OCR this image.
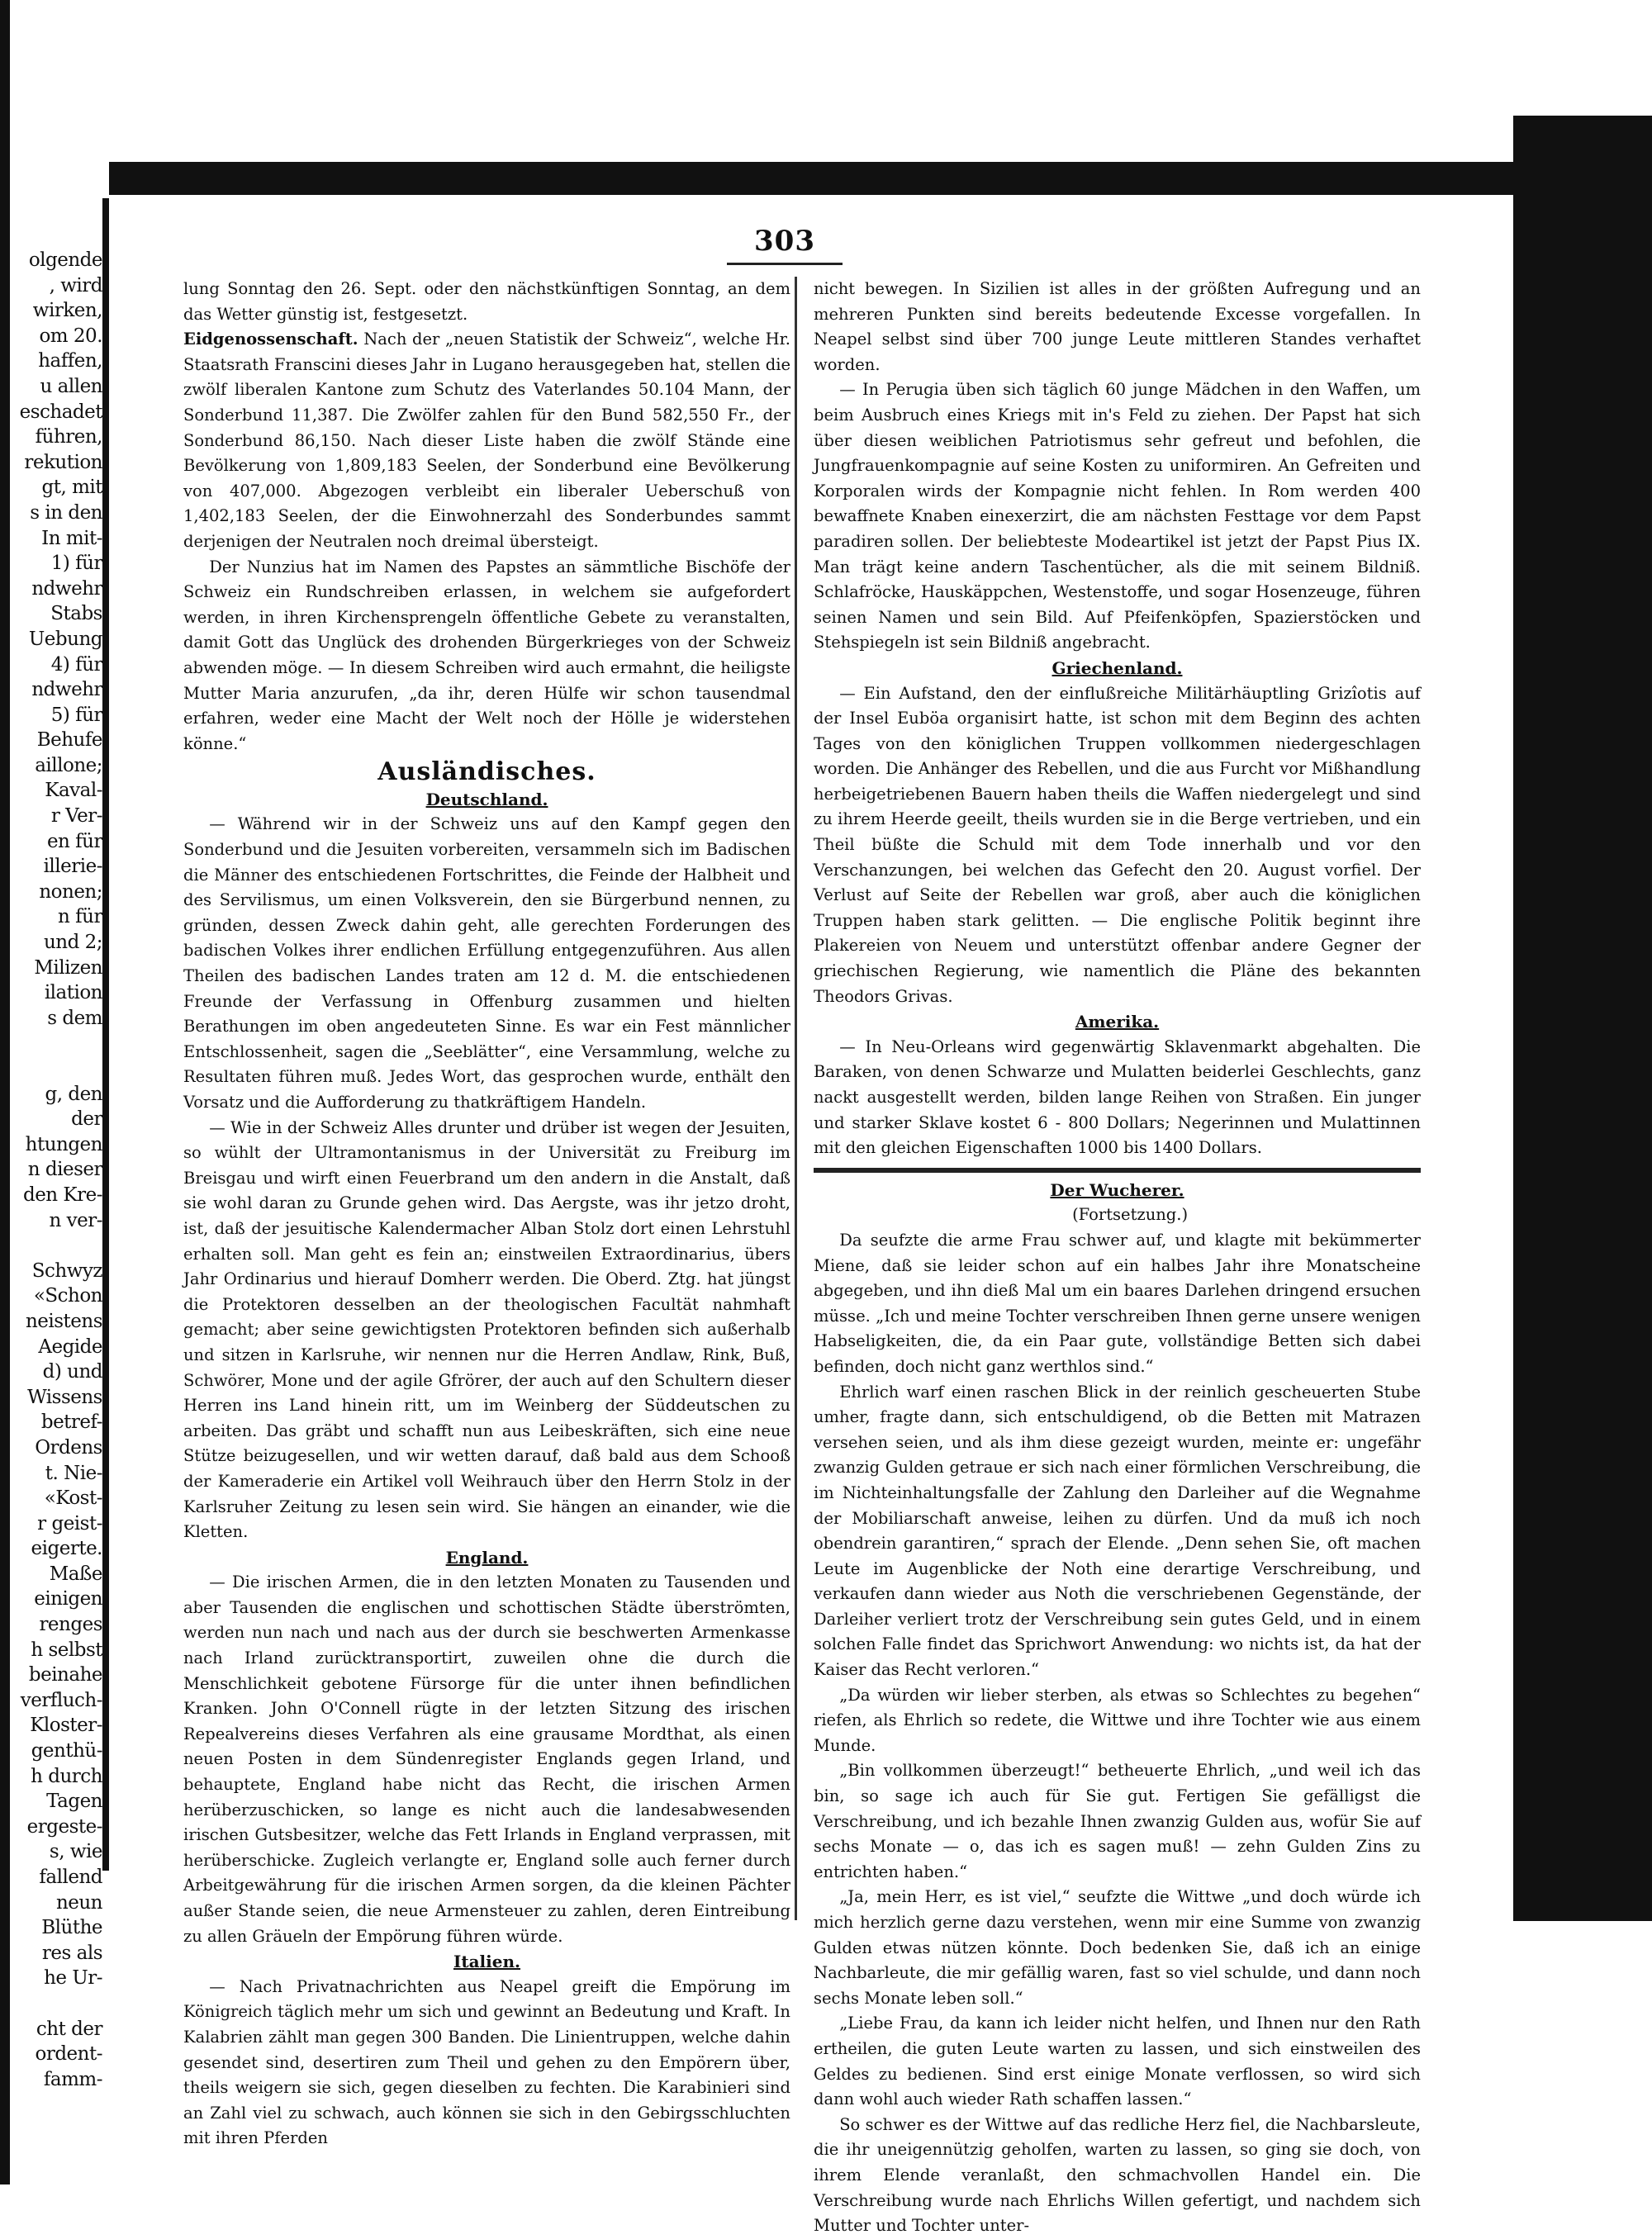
olgende
, wird
wirken,
om 20.
haffen,
u allen
eschadet
führen,
rekution
gt, mit
s in den
In mit-
1) für
ndwehr
Stabs
Uebung
4) für
ndwehr
5) für
Behufe
aillone;
Kaval-
r Ver-
en für
illerie-
nonen;
n für
und 2;
Milizen
ilation
s dem

g, den
der
htungen
n dieser
den Kre-
n ver-

Schwyz
«Schon
neistens
Aegide
d) und
Wissens
betref-
Ordens
t. Nie-
«Kost-
r geist-
eigerte.
Maße
einigen
renges
h selbst
beinahe
verfluch-
Kloster-
genthü-
h durch
Tagen
ergeste-
s, wie
fallend
neun
Blüthe
res als
he Ur-

cht der
ordent-
famm-
303

lung Sonntag den 26. Sept. oder den nächstkünftigen Sonntag, an dem das Wetter günstig ist, festgesetzt.

Eidgenossenschaft. Nach der „neuen Statistik der Schweiz“, welche Hr. Staatsrath Franscini dieses Jahr in Lugano herausgegeben hat, stellen die zwölf liberalen Kantone zum Schutz des Vaterlandes 50.104 Mann, der Sonderbund 11,387. Die Zwölfer zahlen für den Bund 582,550 Fr., der Sonderbund 86,150. Nach dieser Liste haben die zwölf Stände eine Bevölkerung von 1,809,183 Seelen, der Sonderbund eine Bevölkerung von 407,000. Abgezogen verbleibt ein liberaler Ueberschuß von 1,402,183 Seelen, der die Einwohnerzahl des Sonderbundes sammt derjenigen der Neutralen noch dreimal übersteigt.

Der Nunzius hat im Namen des Papstes an sämmtliche Bischöfe der Schweiz ein Rundschreiben erlassen, in welchem sie aufgefordert werden, in ihren Kirchensprengeln öffentliche Gebete zu veranstalten, damit Gott das Unglück des drohenden Bürgerkrieges von der Schweiz abwenden möge. — In diesem Schreiben wird auch ermahnt, die heiligste Mutter Maria anzurufen, „da ihr, deren Hülfe wir schon tausendmal erfahren, weder eine Macht der Welt noch der Hölle je widerstehen könne.“

Ausländisches.
Deutschland.

— Während wir in der Schweiz uns auf den Kampf gegen den Sonderbund und die Jesuiten vorbereiten, versammeln sich im Badischen die Männer des entschiedenen Fortschrittes, die Feinde der Halbheit und des Servilismus, um einen Volksverein, den sie Bürgerbund nennen, zu gründen, dessen Zweck dahin geht, alle gerechten Forderungen des badischen Volkes ihrer endlichen Erfüllung entgegenzuführen. Aus allen Theilen des badischen Landes traten am 12 d. M. die entschiedenen Freunde der Verfassung in Offenburg zusammen und hielten Berathungen im oben angedeuteten Sinne. Es war ein Fest männlicher Entschlossenheit, sagen die „Seeblätter“, eine Versammlung, welche zu Resultaten führen muß. Jedes Wort, das gesprochen wurde, enthält den Vorsatz und die Aufforderung zu thatkräftigem Handeln.

— Wie in der Schweiz Alles drunter und drüber ist wegen der Jesuiten, so wühlt der Ultramontanismus in der Universität zu Freiburg im Breisgau und wirft einen Feuerbrand um den andern in die Anstalt, daß sie wohl daran zu Grunde gehen wird. Das Aergste, was ihr jetzo droht, ist, daß der jesuitische Kalendermacher Alban Stolz dort einen Lehrstuhl erhalten soll. Man geht es fein an; einstweilen Extraordinarius, übers Jahr Ordinarius und hierauf Domherr werden. Die Oberd. Ztg. hat jüngst die Protektoren desselben an der theologischen Facultät nahmhaft gemacht; aber seine gewichtigsten Protektoren befinden sich außerhalb und sitzen in Karlsruhe, wir nennen nur die Herren Andlaw, Rink, Buß, Schwörer, Mone und der agile Gfrörer, der auch auf den Schultern dieser Herren ins Land hinein ritt, um im Weinberg der Süddeutschen zu arbeiten. Das gräbt und schafft nun aus Leibeskräften, sich eine neue Stütze beizugesellen, und wir wetten darauf, daß bald aus dem Schooß der Kameraderie ein Artikel voll Weihrauch über den Herrn Stolz in der Karlsruher Zeitung zu lesen sein wird. Sie hängen an einander, wie die Kletten.

England.

— Die irischen Armen, die in den letzten Monaten zu Tausenden und aber Tausenden die englischen und schottischen Städte überströmten, werden nun nach und nach aus der durch sie beschwerten Armenkasse nach Irland zurücktransportirt, zuweilen ohne die durch die Menschlichkeit gebotene Fürsorge für die unter ihnen befindlichen Kranken. John O'Connell rügte in der letzten Sitzung des irischen Repealvereins dieses Verfahren als eine grausame Mordthat, als einen neuen Posten in dem Sündenregister Englands gegen Irland, und behauptete, England habe nicht das Recht, die irischen Armen herüberzuschicken, so lange es nicht auch die landesabwesenden irischen Gutsbesitzer, welche das Fett Irlands in England verprassen, mit herüberschicke. Zugleich verlangte er, England solle auch ferner durch Arbeitgewährung für die irischen Armen sorgen, da die kleinen Pächter außer Stande seien, die neue Armensteuer zu zahlen, deren Eintreibung zu allen Gräueln der Empörung führen würde.

Italien.

— Nach Privatnachrichten aus Neapel greift die Empörung im Königreich täglich mehr um sich und gewinnt an Bedeutung und Kraft. In Kalabrien zählt man gegen 300 Banden. Die Linientruppen, welche dahin gesendet sind, desertiren zum Theil und gehen zu den Empörern über, theils weigern sie sich, gegen dieselben zu fechten. Die Karabinieri sind an Zahl viel zu schwach, auch können sie sich in den Gebirgsschluchten mit ihren Pferden

nicht bewegen. In Sizilien ist alles in der größten Aufregung und an mehreren Punkten sind bereits bedeutende Excesse vorgefallen. In Neapel selbst sind über 700 junge Leute mittleren Standes verhaftet worden.

— In Perugia üben sich täglich 60 junge Mädchen in den Waffen, um beim Ausbruch eines Kriegs mit in's Feld zu ziehen. Der Papst hat sich über diesen weiblichen Patriotismus sehr gefreut und befohlen, die Jungfrauenkompagnie auf seine Kosten zu uniformiren. An Gefreiten und Korporalen wirds der Kompagnie nicht fehlen. In Rom werden 400 bewaffnete Knaben einexerzirt, die am nächsten Festtage vor dem Papst paradiren sollen. Der beliebteste Modeartikel ist jetzt der Papst Pius IX. Man trägt keine andern Taschentücher, als die mit seinem Bildniß. Schlafröcke, Hauskäppchen, Westenstoffe, und sogar Hosenzeuge, führen seinen Namen und sein Bild. Auf Pfeifenköpfen, Spazierstöcken und Stehspiegeln ist sein Bildniß angebracht.

Griechenland.

— Ein Aufstand, den der einflußreiche Militärhäuptling Grizîotis auf der Insel Euböa organisirt hatte, ist schon mit dem Beginn des achten Tages von den königlichen Truppen vollkommen niedergeschlagen worden. Die Anhänger des Rebellen, und die aus Furcht vor Mißhandlung herbeigetriebenen Bauern haben theils die Waffen niedergelegt und sind zu ihrem Heerde geeilt, theils wurden sie in die Berge vertrieben, und ein Theil büßte die Schuld mit dem Tode innerhalb und vor den Verschanzungen, bei welchen das Gefecht den 20. August vorfiel. Der Verlust auf Seite der Rebellen war groß, aber auch die königlichen Truppen haben stark gelitten. — Die englische Politik beginnt ihre Plakereien von Neuem und unterstützt offenbar andere Gegner der griechischen Regierung, wie namentlich die Pläne des bekannten Theodors Grivas.

Amerika.

— In Neu-Orleans wird gegenwärtig Sklavenmarkt abgehalten. Die Baraken, von denen Schwarze und Mulatten beiderlei Geschlechts, ganz nackt ausgestellt werden, bilden lange Reihen von Straßen. Ein junger und starker Sklave kostet 6 - 800 Dollars; Negerinnen und Mulattinnen mit den gleichen Eigenschaften 1000 bis 1400 Dollars.

Der Wucherer.

(Fortsetzung.)

Da seufzte die arme Frau schwer auf, und klagte mit bekümmerter Miene, daß sie leider schon auf ein halbes Jahr ihre Monatscheine abgegeben, und ihn dieß Mal um ein baares Darlehen dringend ersuchen müsse. „Ich und meine Tochter verschreiben Ihnen gerne unsere wenigen Habseligkeiten, die, da ein Paar gute, vollständige Betten sich dabei befinden, doch nicht ganz werthlos sind.“

Ehrlich warf einen raschen Blick in der reinlich gescheuerten Stube umher, fragte dann, sich entschuldigend, ob die Betten mit Matrazen versehen seien, und als ihm diese gezeigt wurden, meinte er: ungefähr zwanzig Gulden getraue er sich nach einer förmlichen Verschreibung, die im Nichteinhaltungsfalle der Zahlung den Darleiher auf die Wegnahme der Mobiliarschaft anweise, leihen zu dürfen. Und da muß ich noch obendrein garantiren,“ sprach der Elende. „Denn sehen Sie, oft machen Leute im Augenblicke der Noth eine derartige Verschreibung, und verkaufen dann wieder aus Noth die verschriebenen Gegenstände, der Darleiher verliert trotz der Verschreibung sein gutes Geld, und in einem solchen Falle findet das Sprichwort Anwendung: wo nichts ist, da hat der Kaiser das Recht verloren.“

„Da würden wir lieber sterben, als etwas so Schlechtes zu begehen“ riefen, als Ehrlich so redete, die Wittwe und ihre Tochter wie aus einem Munde.

„Bin vollkommen überzeugt!“ betheuerte Ehrlich, „und weil ich das bin, so sage ich auch für Sie gut. Fertigen Sie gefälligst die Verschreibung, und ich bezahle Ihnen zwanzig Gulden aus, wofür Sie auf sechs Monate — o, das ich es sagen muß! — zehn Gulden Zins zu entrichten haben.“

„Ja, mein Herr, es ist viel,“ seufzte die Wittwe „und doch würde ich mich herzlich gerne dazu verstehen, wenn mir eine Summe von zwanzig Gulden etwas nützen könnte. Doch bedenken Sie, daß ich an einige Nachbarleute, die mir gefällig waren, fast so viel schulde, und dann noch sechs Monate leben soll.“

„Liebe Frau, da kann ich leider nicht helfen, und Ihnen nur den Rath ertheilen, die guten Leute warten zu lassen, und sich einstweilen des Geldes zu bedienen. Sind erst einige Monate verflossen, so wird sich dann wohl auch wieder Rath schaffen lassen.“

So schwer es der Wittwe auf das redliche Herz fiel, die Nachbarsleute, die ihr uneigennützig geholfen, warten zu lassen, so ging sie doch, von ihrem Elende veranlaßt, den schmachvollen Handel ein. Die Verschreibung wurde nach Ehrlichs Willen gefertigt, und nachdem sich Mutter und Tochter unter-
